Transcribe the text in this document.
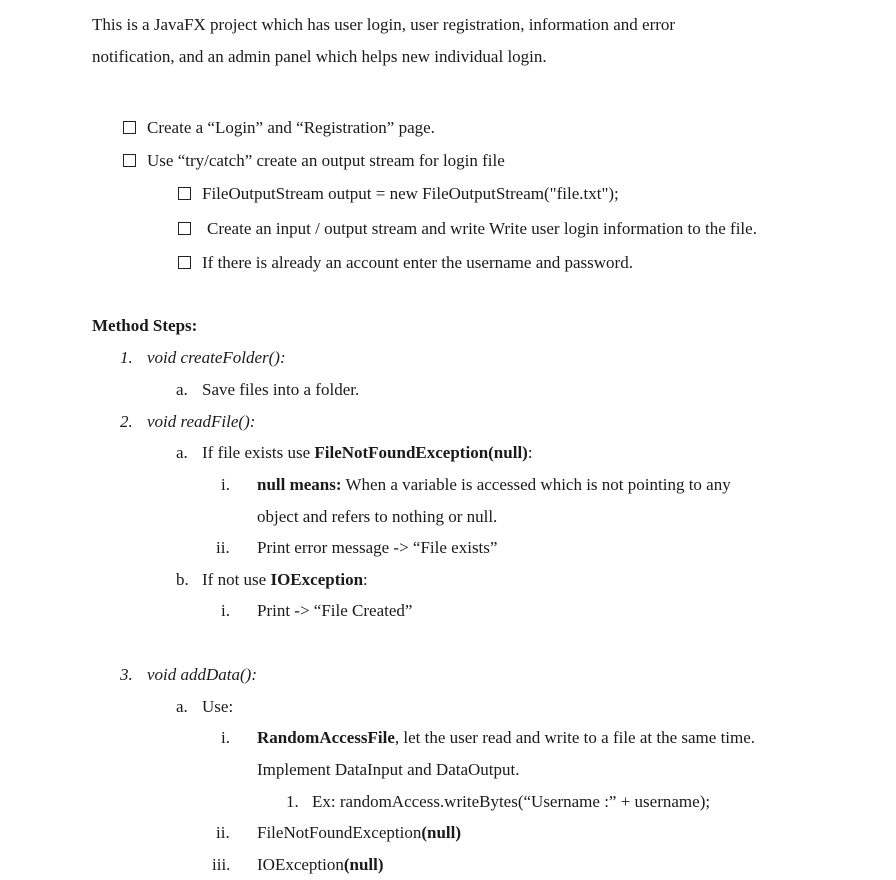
This is a JavaFX project which has user login, user registration, information and error
notification, and an admin panel which helps new individual login.
Create a “Login” and “Registration” page.
Use “try/catch” create an output stream for login file
FileOutputStream output = new FileOutputStream("file.txt");
Create an input / output stream and write Write user login information to the file.
If there is already an account enter the username and password.
Method Steps:
1. void createFolder():
a. Save files into a folder.
2. void readFile():
a. If file exists use FileNotFoundException(null):
i. null means: When a variable is accessed which is not pointing to any
object and refers to nothing or null.
ii. Print error message -> “File exists”
b. If not use IOException:
i. Print -> “File Created”
3. void addData():
a. Use:
i. RandomAccessFile, let the user read and write to a file at the same time.
Implement DataInput and DataOutput.
1. Ex: randomAccess.writeBytes(“Username :” + username);
ii. FileNotFoundException(null)
iii. IOException(null)
